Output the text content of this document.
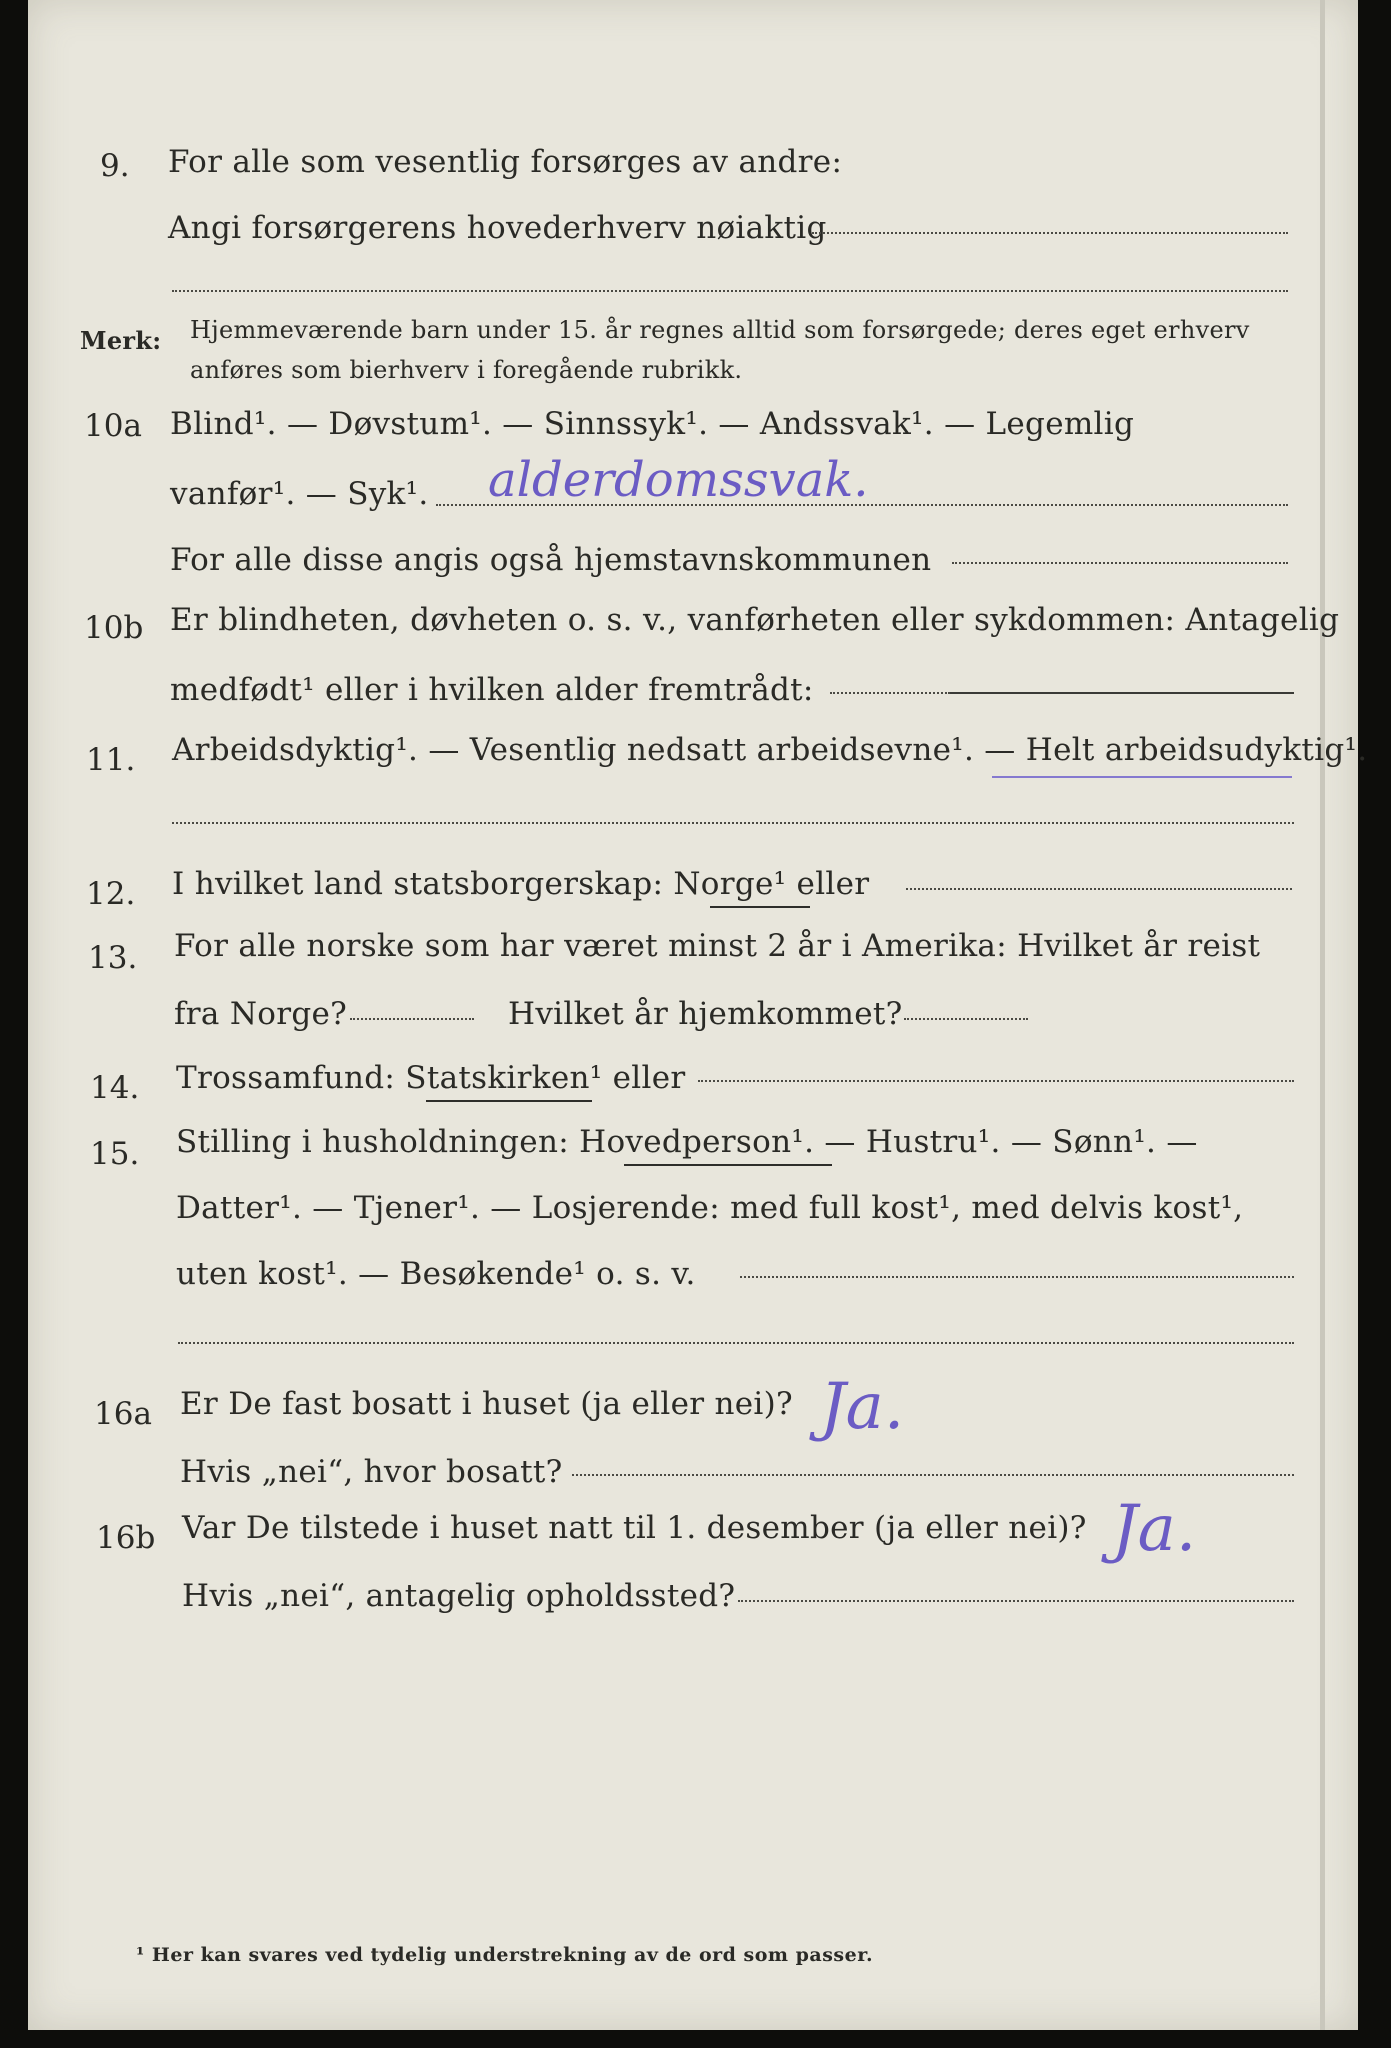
9. For alle som vesentlig forsørges av andre:
Angi forsørgerens hovederhverv nøiaktig
Merk: Hjemmeværende barn under 15. år regnes alltid som forsørgede; deres eget erhverv
anføres som bierhverv i foregående rubrikk.
10a Blind¹. — Døvstum¹. — Sinnssyk¹. — Andssvak¹. — Legemlig
vanfør¹. — Syk¹. alderdomssvak.
For alle disse angis også hjemstavnskommunen
10b Er blindheten, døvheten o. s. v., vanførheten eller sykdommen: Antagelig
medfødt¹ eller i hvilken alder fremtrådt:
11. Arbeidsdyktig¹. — Vesentlig nedsatt arbeidsevne¹. — Helt arbeidsudyktig¹.
12. I hvilket land statsborgerskap: Norge¹ eller
13. For alle norske som har været minst 2 år i Amerika: Hvilket år reist
fra Norge?	Hvilket år hjemkommet?
14. Trossamfund: Statskirken¹ eller
15. Stilling i husholdningen: Hovedperson¹. — Hustru¹. — Sønn¹. —
Datter¹. — Tjener¹. — Losjerende: med full kost¹, med delvis kost¹,
uten kost¹. — Besøkende¹ o. s. v.
16a Er De fast bosatt i huset (ja eller nei)? Ja.
Hvis „nei“, hvor bosatt?
16b Var De tilstede i huset natt til 1. desember (ja eller nei)? Ja.
Hvis „nei“, antagelig opholdssted?
¹ Her kan svares ved tydelig understrekning av de ord som passer.
